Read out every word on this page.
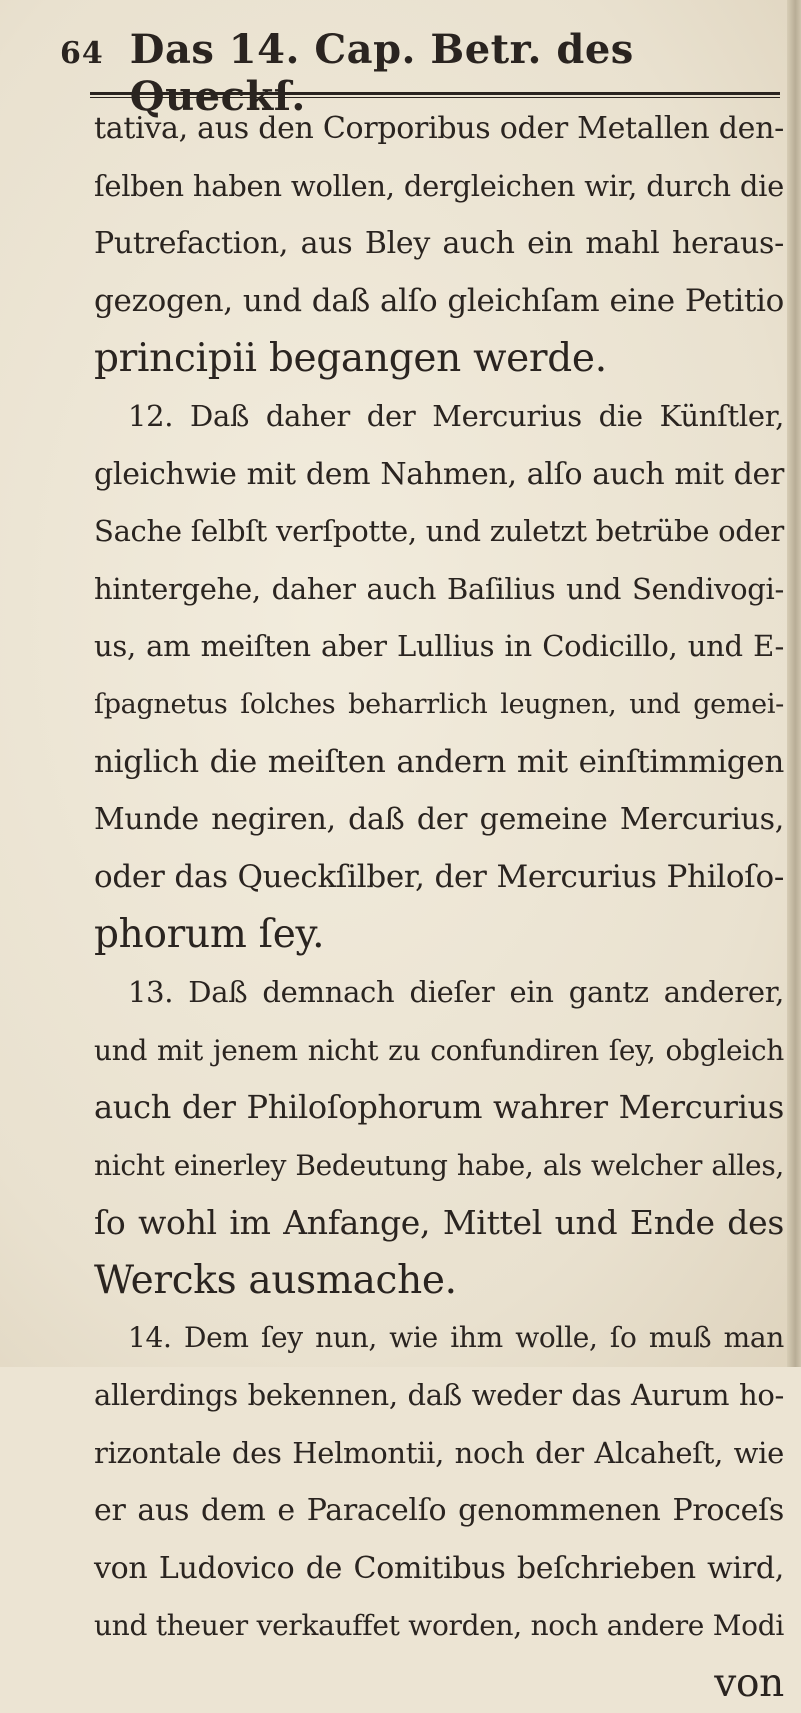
64 Das 14. Cap. Betr. des Queckſ.
tativa, aus den Corporibus oder Metallen den-
ſelben haben wollen, dergleichen wir, durch die
Putrefaction, aus Bley auch ein mahl heraus-
gezogen, und daß alſo gleichſam eine Petitio
principii begangen werde.
12. Daß daher der Mercurius die Künſtler,
gleichwie mit dem Nahmen, alſo auch mit der
Sache ſelbſt verſpotte, und zuletzt betrübe oder
hintergehe, daher auch Baſilius und Sendivogi-
us, am meiſten aber Lullius in Codicillo, und E-
ſpagnetus ſolches beharrlich leugnen, und gemei-
niglich die meiſten andern mit einſtimmigen
Munde negiren, daß der gemeine Mercurius,
oder das Queckſilber, der Mercurius Philoſo-
phorum ſey.
13. Daß demnach dieſer ein gantz anderer,
und mit jenem nicht zu confundiren ſey, obgleich
auch der Philoſophorum wahrer Mercurius
nicht einerley Bedeutung habe, als welcher alles,
ſo wohl im Anfange, Mittel und Ende des
Wercks ausmache.
14. Dem ſey nun, wie ihm wolle, ſo muß man
allerdings bekennen, daß weder das Aurum ho-
rizontale des Helmontii, noch der Alcaheſt, wie
er aus dem e Paracelſo genommenen Proceſs
von Ludovico de Comitibus beſchrieben wird,
und theuer verkauffet worden, noch andere Modi
von
